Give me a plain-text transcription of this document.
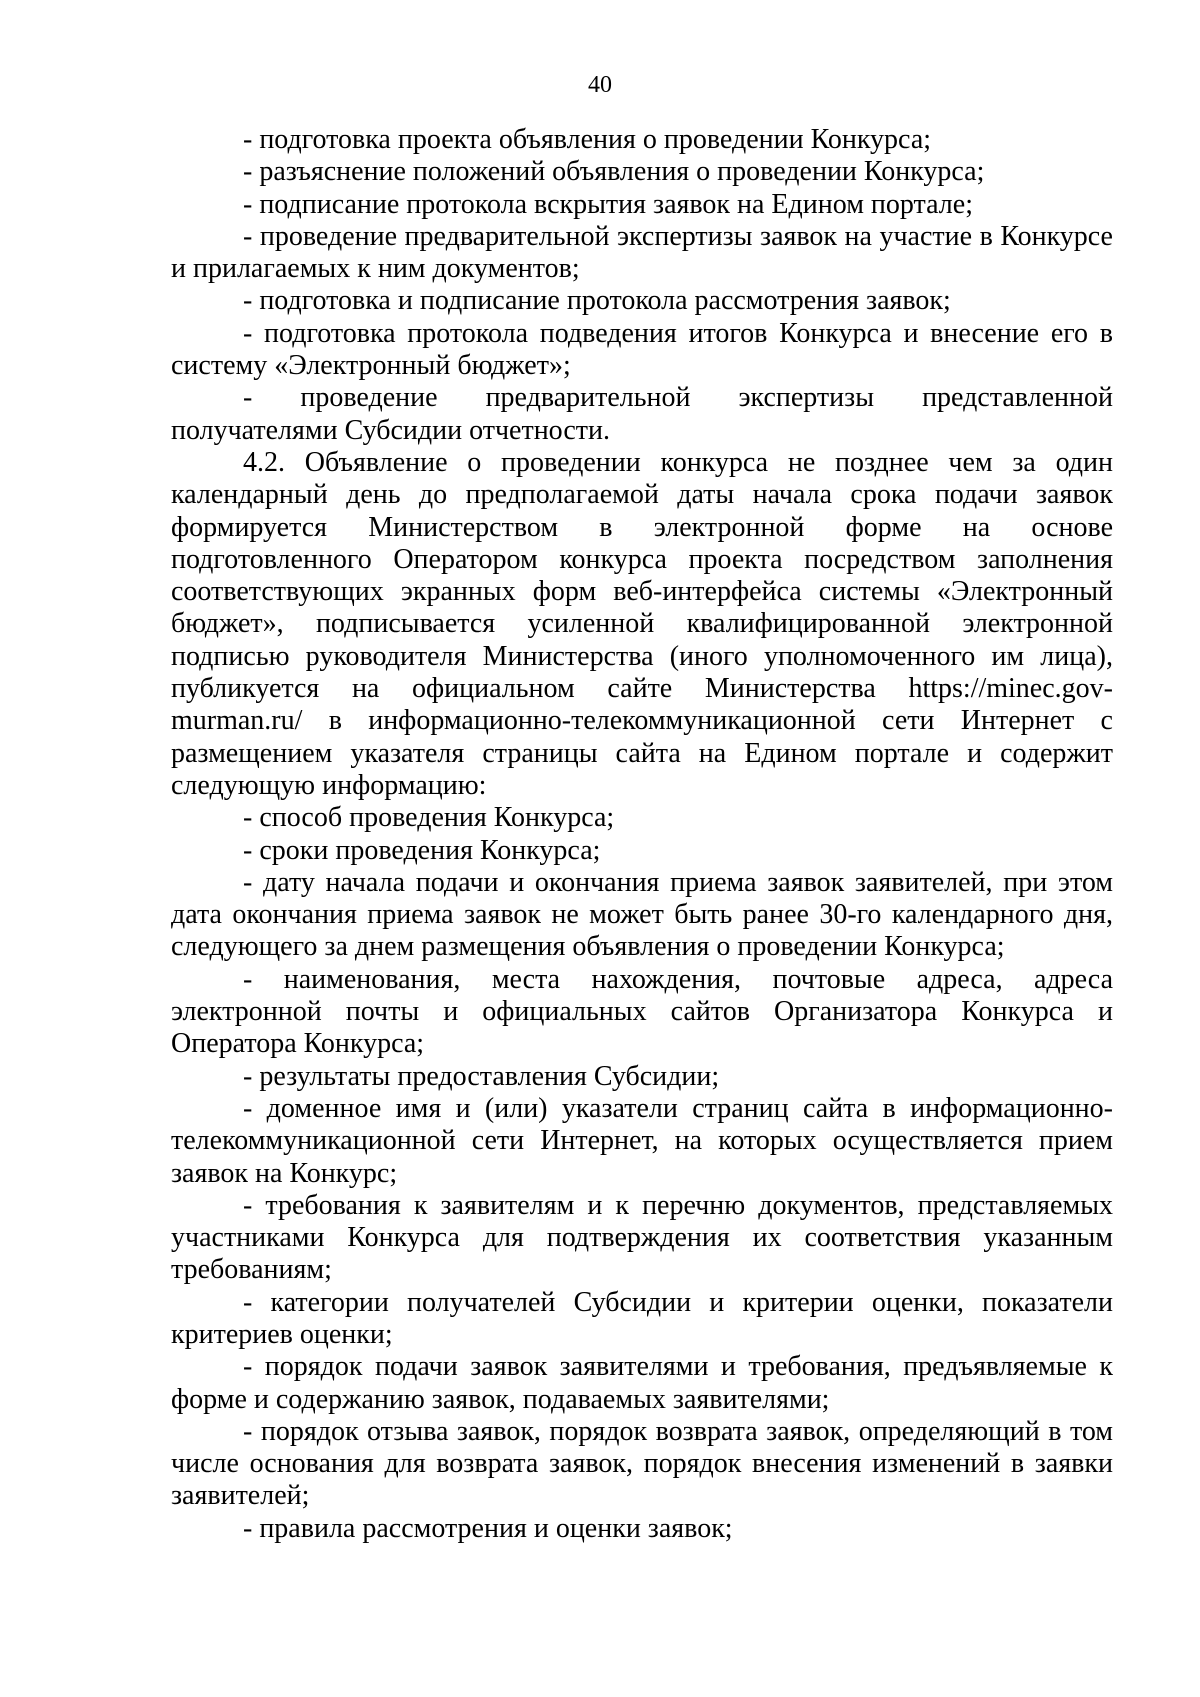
40

- подготовка проекта объявления о проведении Конкурса;

- разъяснение положений объявления о проведении Конкурса;

- подписание протокола вскрытия заявок на Едином портале;

- проведение предварительной экспертизы заявок на участие в Конкурсе и прилагаемых к ним документов;

- подготовка и подписание протокола рассмотрения заявок;

- подготовка протокола подведения итогов Конкурса и внесение его в систему «Электронный бюджет»;

- проведение предварительной экспертизы представленной получателями Субсидии отчетности.

4.2. Объявление о проведении конкурса не позднее чем за один календарный день до предполагаемой даты начала срока подачи заявок формируется Министерством в электронной форме на основе подготовленного Оператором конкурса проекта посредством заполнения соответствующих экранных форм веб-интерфейса системы «Электронный бюджет», подписывается усиленной квалифицированной электронной подписью руководителя Министерства (иного уполномоченного им лица), публикуется на официальном сайте Министерства https://minec.gov-murman.ru/ в информационно-телекоммуникационной сети Интернет с размещением указателя страницы сайта на Едином портале и содержит следующую информацию:

- способ проведения Конкурса;

- сроки проведения Конкурса;

- дату начала подачи и окончания приема заявок заявителей, при этом дата окончания приема заявок не может быть ранее 30-го календарного дня, следующего за днем размещения объявления о проведении Конкурса;

- наименования, места нахождения, почтовые адреса, адреса электронной почты и официальных сайтов Организатора Конкурса и Оператора Конкурса;

- результаты предоставления Субсидии;

- доменное имя и (или) указатели страниц сайта в информационно-телекоммуникационной сети Интернет, на которых осуществляется прием заявок на Конкурс;

- требования к заявителям и к перечню документов, представляемых участниками Конкурса для подтверждения их соответствия указанным требованиям;

- категории получателей Субсидии и критерии оценки, показатели критериев оценки;

- порядок подачи заявок заявителями и требования, предъявляемые к форме и содержанию заявок, подаваемых заявителями;

- порядок отзыва заявок, порядок возврата заявок, определяющий в том числе основания для возврата заявок, порядок внесения изменений в заявки заявителей;

- правила рассмотрения и оценки заявок;
